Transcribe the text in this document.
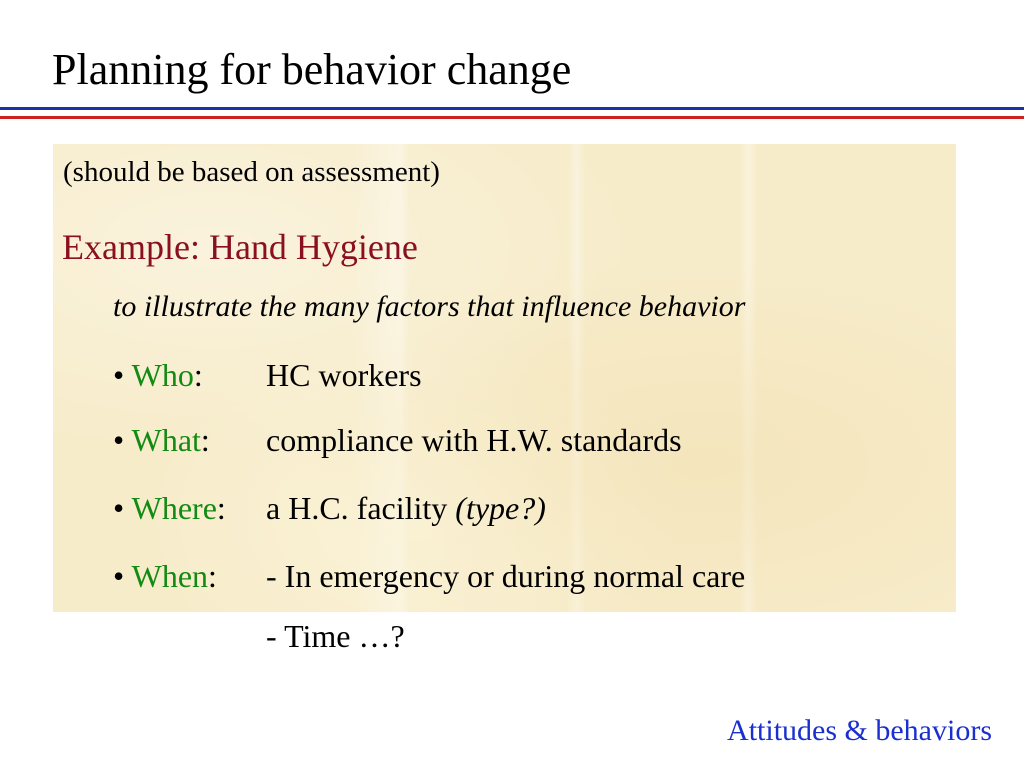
Planning for behavior change
(should be based on assessment)
Example: Hand Hygiene
to illustrate the many factors that influence behavior
• Who: HC workers
• What: compliance with H.W. standards
• Where: a H.C. facility (type?)
• When: - In emergency or during normal care
- Time …?
Attitudes & behaviors
